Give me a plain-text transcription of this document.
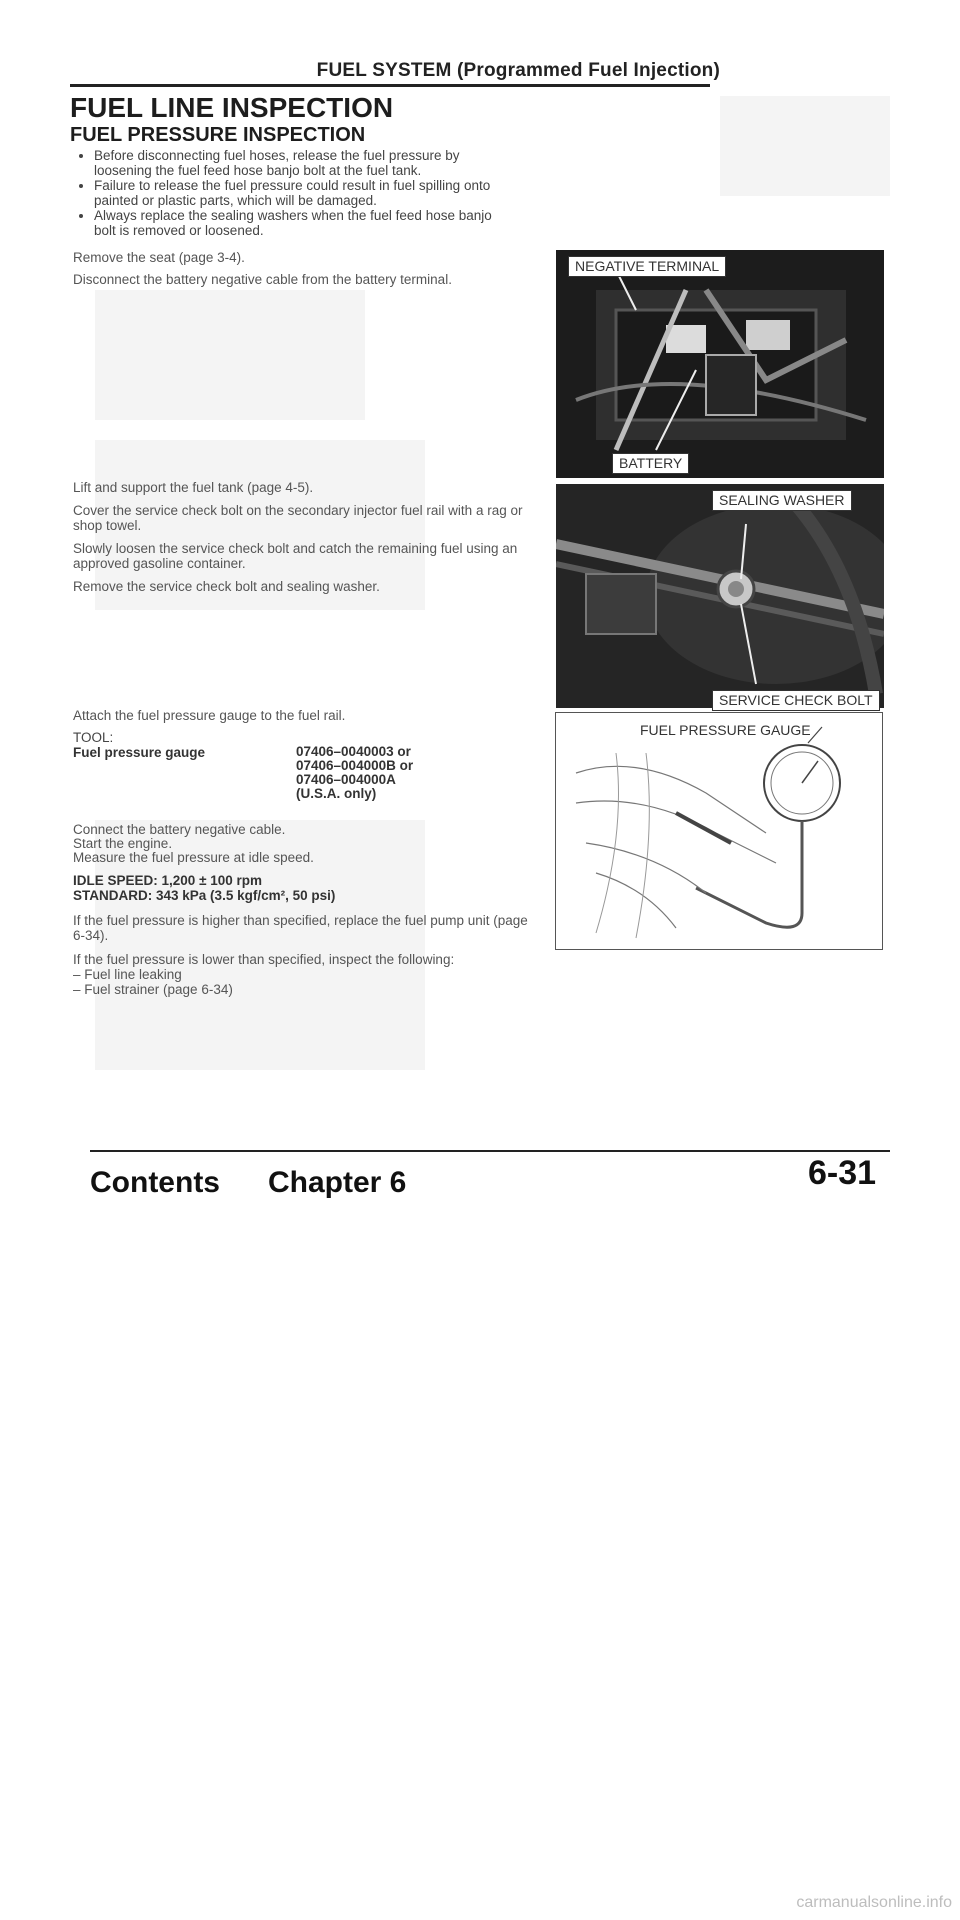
FUEL SYSTEM (Programmed Fuel Injection)
FUEL LINE INSPECTION
FUEL PRESSURE INSPECTION
• Before disconnecting fuel hoses, release the fuel pressure by loosening the fuel feed hose banjo bolt at the fuel tank.
• Failure to release the fuel pressure could result in fuel spilling onto painted or plastic parts, which will be damaged.
• Always replace the sealing washers when the fuel feed hose banjo bolt is removed or loosened.

Remove the seat (page 3-4).

Disconnect the battery negative cable from the battery terminal.

Lift and support the fuel tank (page 4-5).

Cover the service check bolt on the secondary injector fuel rail with a rag or shop towel.

Slowly loosen the service check bolt and catch the remaining fuel using an approved gasoline container.

Remove the service check bolt and sealing washer.

Attach the fuel pressure gauge to the fuel rail.

TOOL:
Fuel pressure gauge	07406–0040003 or
07406–004000B or
07406–004000A
(U.S.A. only)

Connect the battery negative cable.

Start the engine.

Measure the fuel pressure at idle speed.

IDLE SPEED: 1,200 ± 100 rpm
STANDARD: 343 kPa (3.5 kgf/cm², 50 psi)

If the fuel pressure is higher than specified, replace the fuel pump unit (page 6-34).

If the fuel pressure is lower than specified, inspect the following:

– Fuel line leaking
– Fuel strainer (page 6-34)
NEGATIVE TERMINAL
BATTERY
SEALING WASHER
SERVICE CHECK BOLT
FUEL PRESSURE GAUGE
Contents Chapter 6	6-31
carmanualsonline.info
